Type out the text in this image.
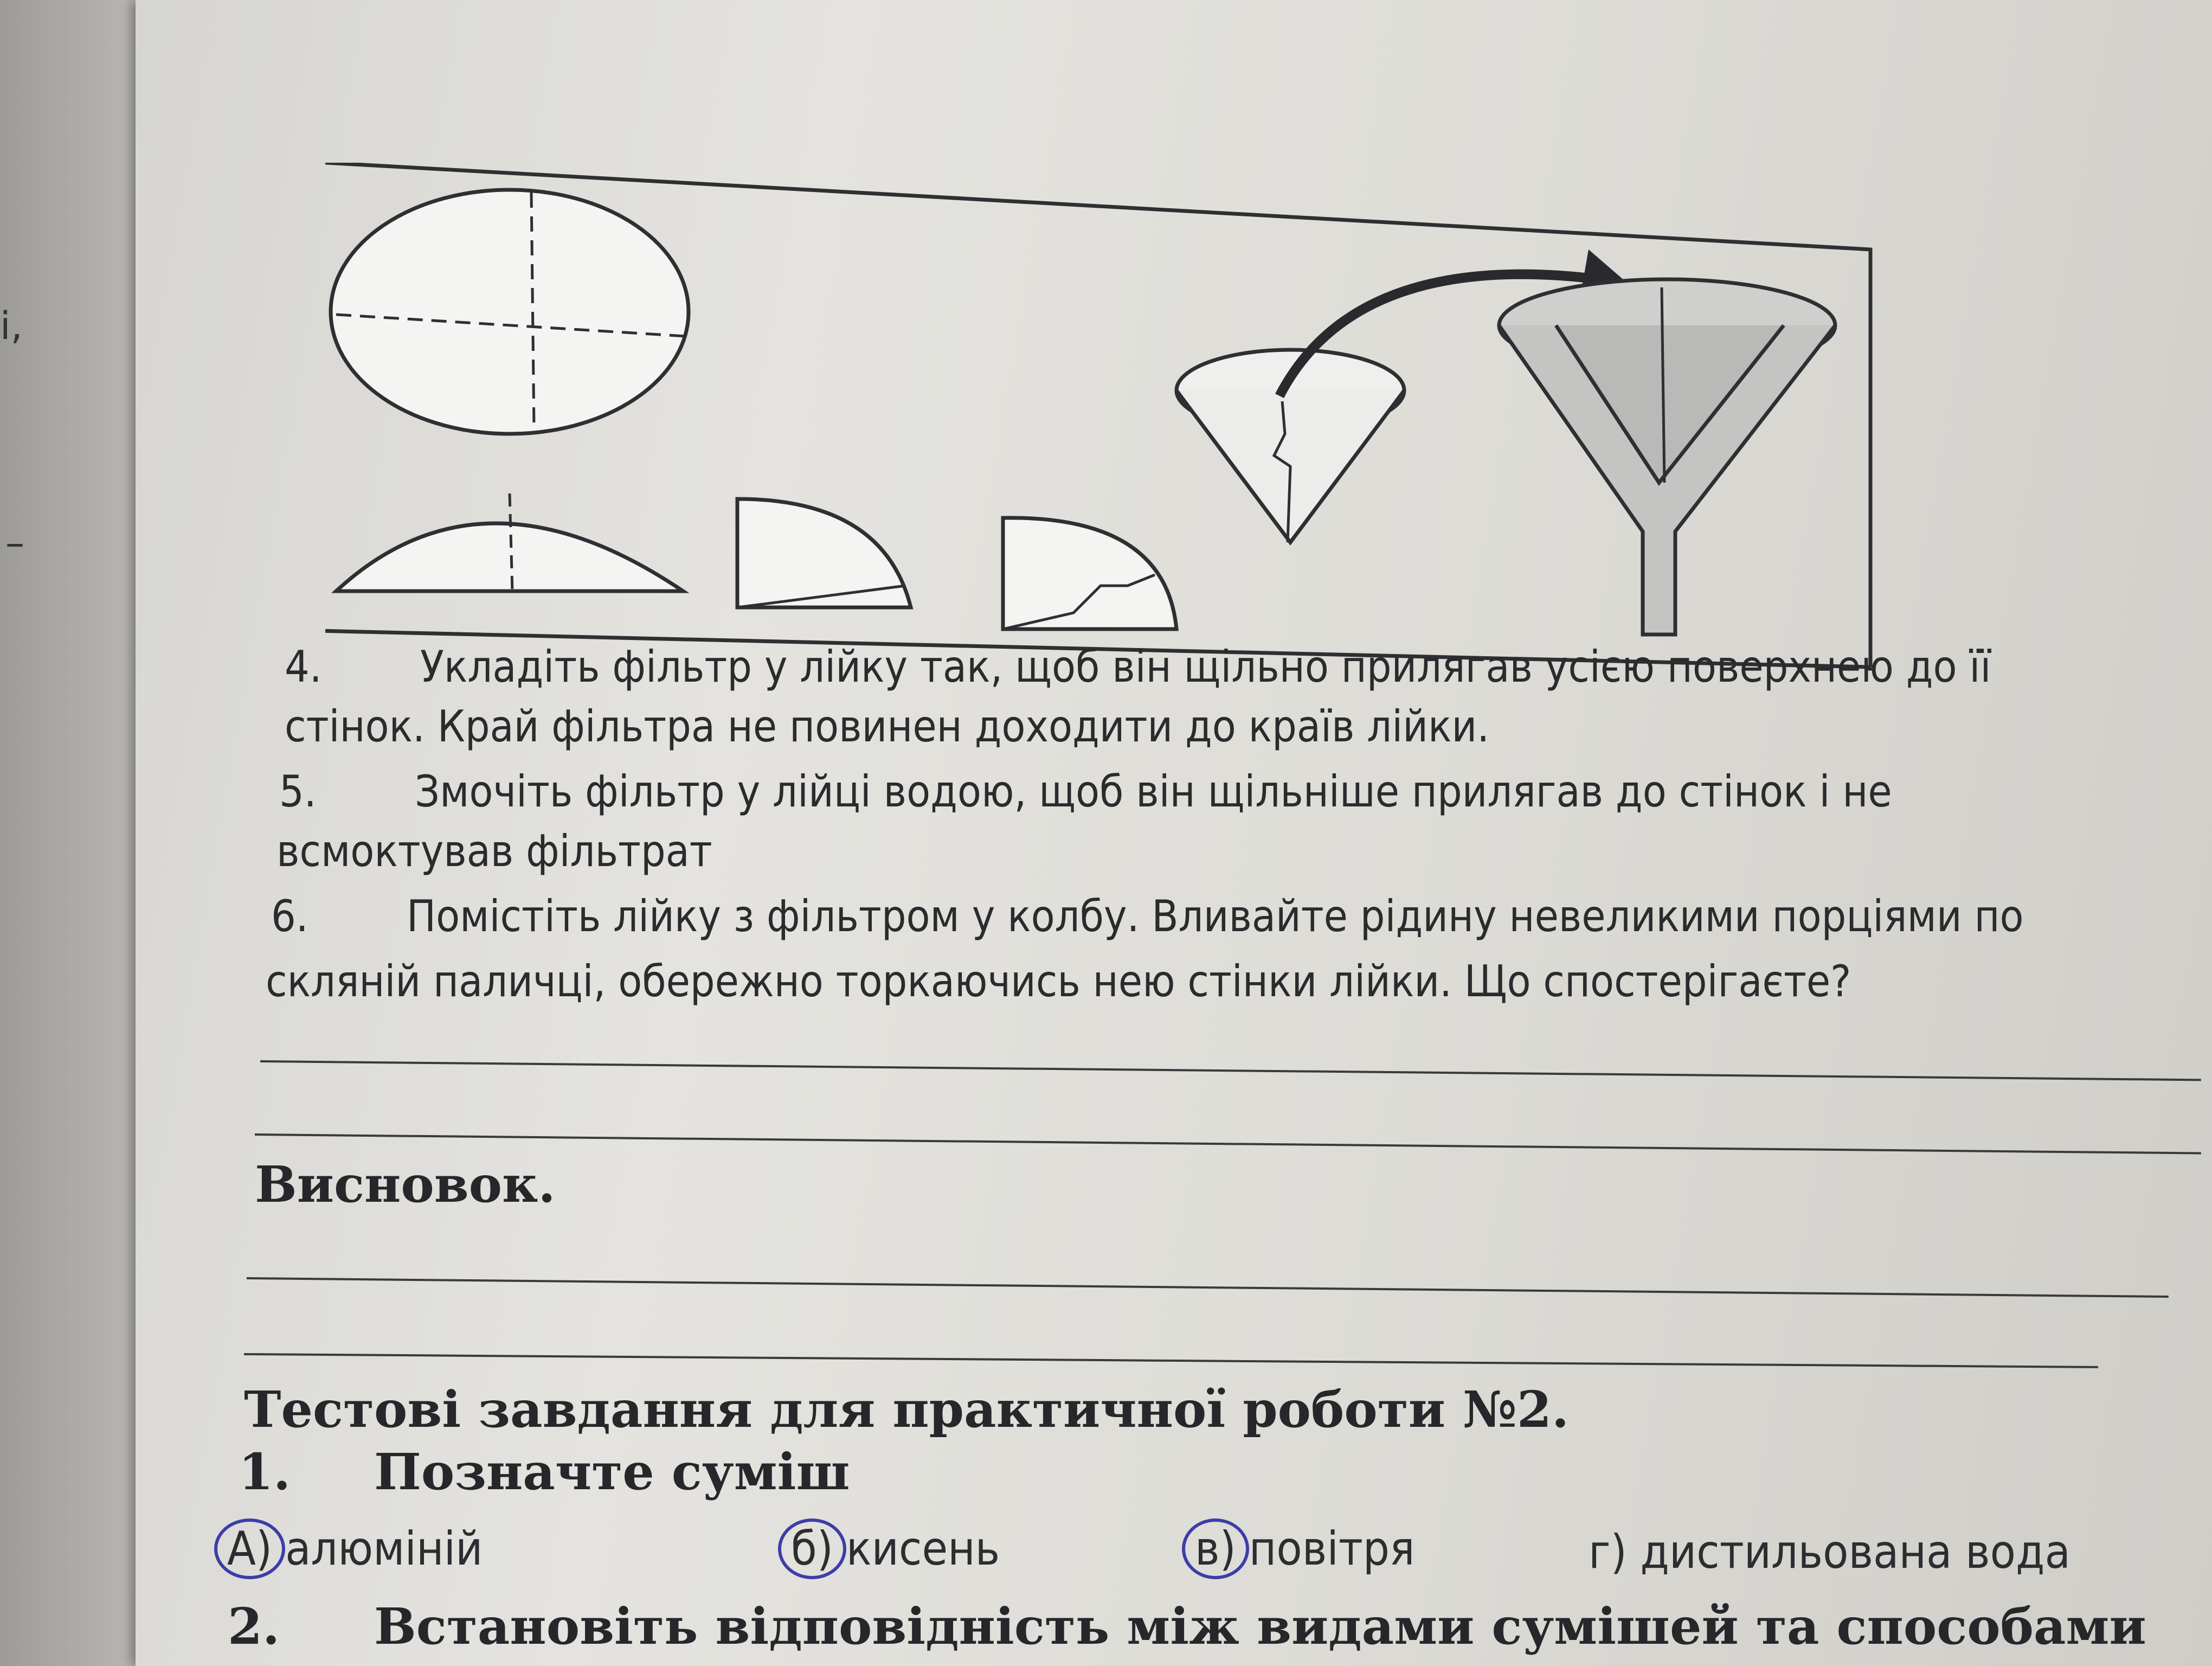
і,
–
4. Укладіть фільтр у лійку так, щоб він щільно прилягав усією поверхнею до її
стінок. Край фільтра не повинен доходити до країв лійки.
5. Змочіть фільтр у лійці водою, щоб він щільніше прилягав до стінок і не
всмоктував фільтрат
6. Помістіть лійку з фільтром у колбу. Вливайте рідину невеликими порціями по
скляній паличці, обережно торкаючись нею стінки лійки. Що спостерігаєте?
Висновок.
Тестові завдання для практичної роботи №2.
1. Позначте суміш
А) алюміній	б) кисень	в) повітря	г) дистильована вода
2. Встановіть відповідність між видами сумішей та способами
